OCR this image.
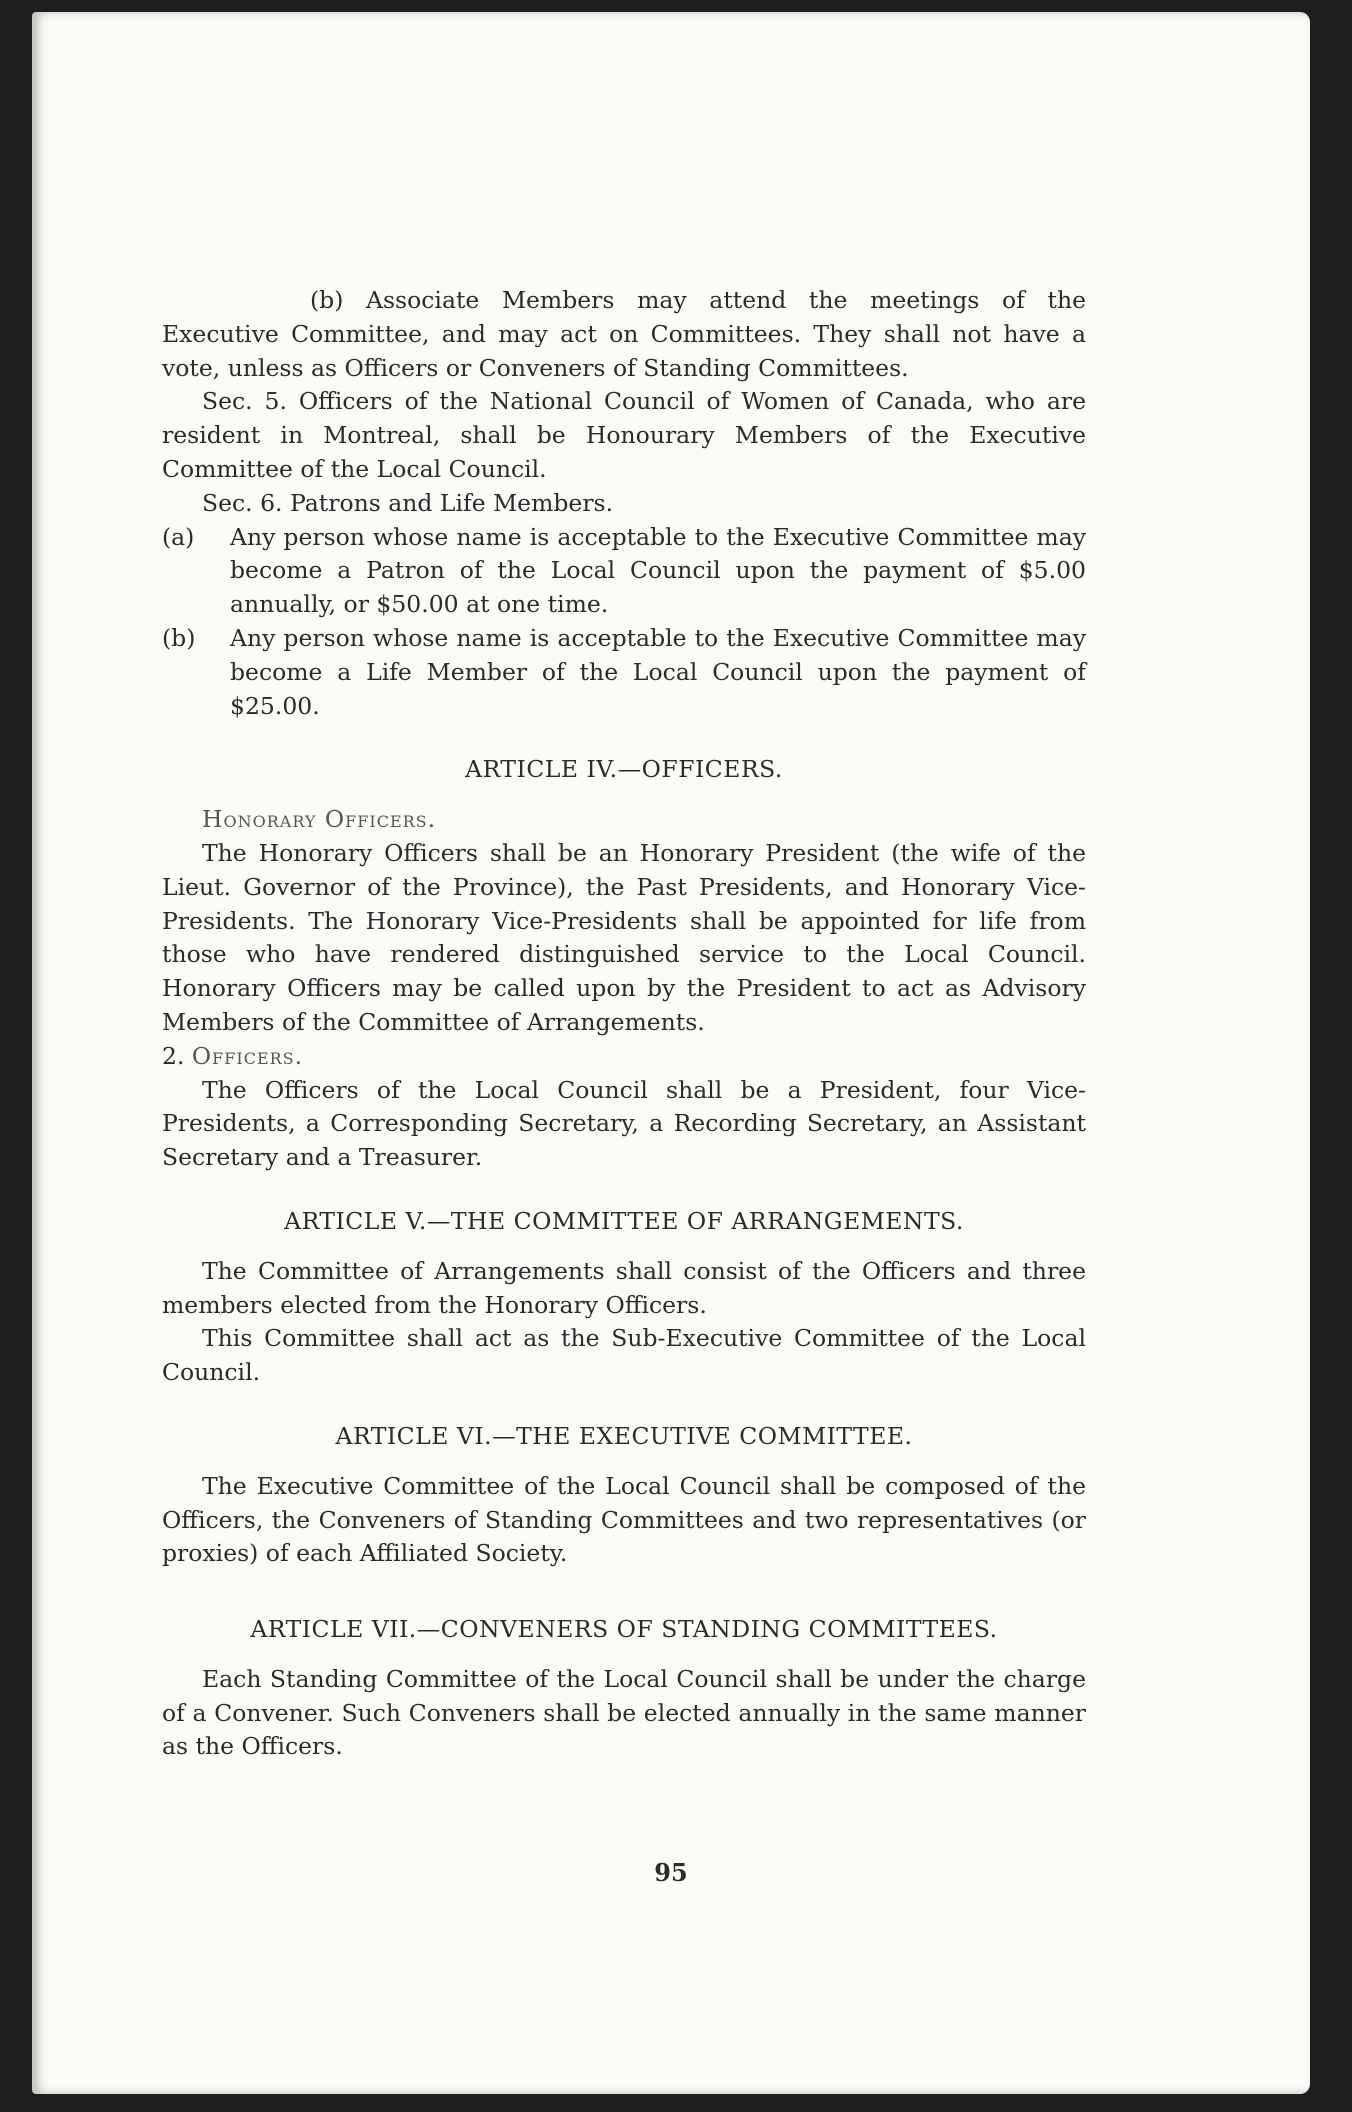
(b) Associate Members may attend the meetings of the Executive Committee, and may act on Committees. They shall not have a vote, unless as Officers or Conveners of Standing Committees.

Sec. 5. Officers of the National Council of Women of Canada, who are resident in Montreal, shall be Honourary Members of the Executive Committee of the Local Council.

Sec. 6. Patrons and Life Members.

(a) Any person whose name is acceptable to the Executive Committee may become a Patron of the Local Council upon the payment of $5.00 annually, or $50.00 at one time.

(b) Any person whose name is acceptable to the Executive Committee may become a Life Member of the Local Council upon the payment of $25.00.

ARTICLE IV.—OFFICERS.

Honorary Officers.

The Honorary Officers shall be an Honorary President (the wife of the Lieut. Governor of the Province), the Past Presidents, and Honorary Vice-Presidents. The Honorary Vice-Presidents shall be appointed for life from those who have rendered distinguished service to the Local Council. Honorary Officers may be called upon by the President to act as Advisory Members of the Committee of Arrangements.

2. Officers.

The Officers of the Local Council shall be a President, four Vice-Presidents, a Corresponding Secretary, a Recording Secretary, an Assistant Secretary and a Treasurer.

ARTICLE V.—THE COMMITTEE OF ARRANGEMENTS.

The Committee of Arrangements shall consist of the Officers and three members elected from the Honorary Officers.

This Committee shall act as the Sub-Executive Committee of the Local Council.

ARTICLE VI.—THE EXECUTIVE COMMITTEE.

The Executive Committee of the Local Council shall be composed of the Officers, the Conveners of Standing Committees and two representatives (or proxies) of each Affiliated Society.

ARTICLE VII.—CONVENERS OF STANDING COMMITTEES.

Each Standing Committee of the Local Council shall be under the charge of a Convener. Such Conveners shall be elected annually in the same manner as the Officers.

95
